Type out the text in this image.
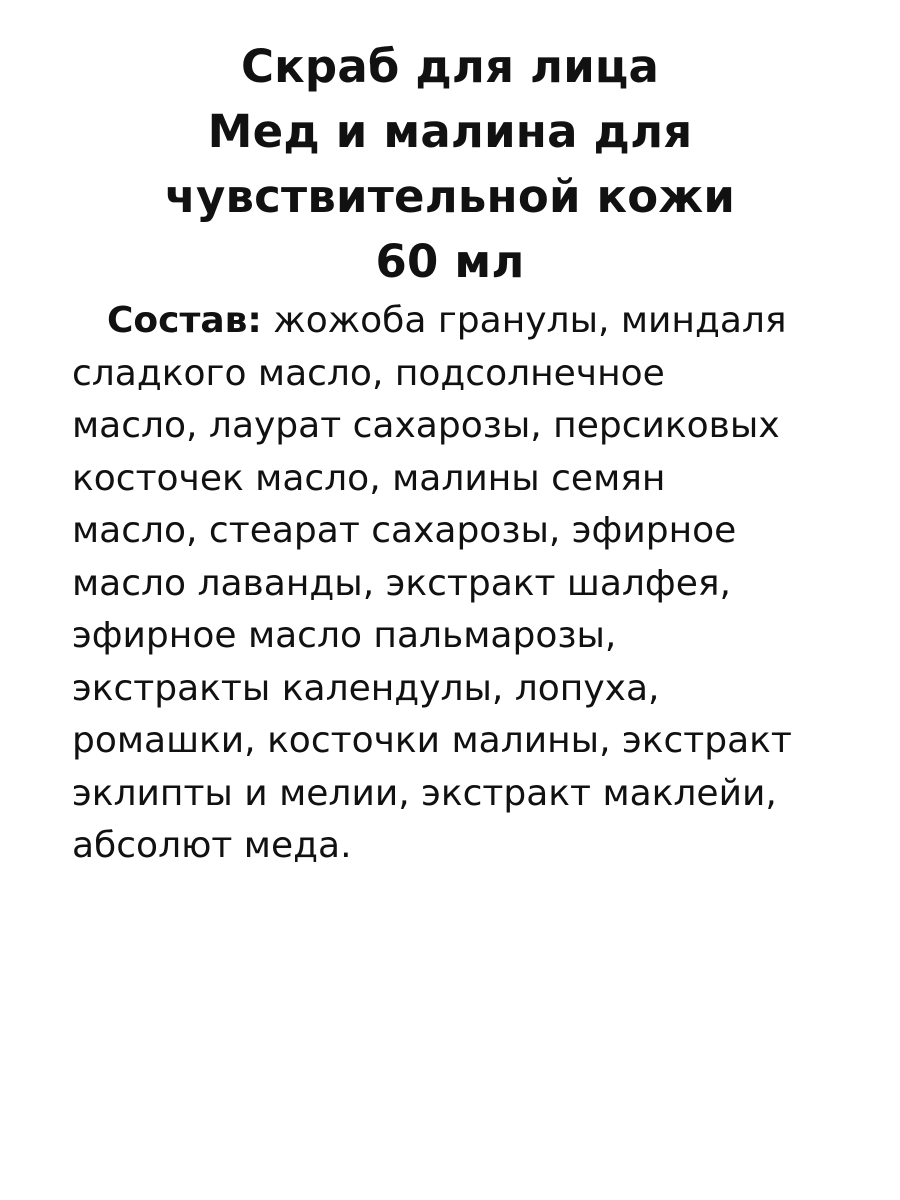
Скраб для лица
Мед и малина для
чувствительной кожи
60 мл
Состав: жожоба гранулы, миндаля
сладкого масло, подсолнечное
масло, лаурат сахарозы, персиковых
косточек масло, малины семян
масло, стеарат сахарозы, эфирное
масло лаванды, экстракт шалфея,
эфирное масло пальмарозы,
экстракты календулы, лопуха,
ромашки, косточки малины, экстракт
эклипты и мелии, экстракт маклейи,
абсолют меда.
